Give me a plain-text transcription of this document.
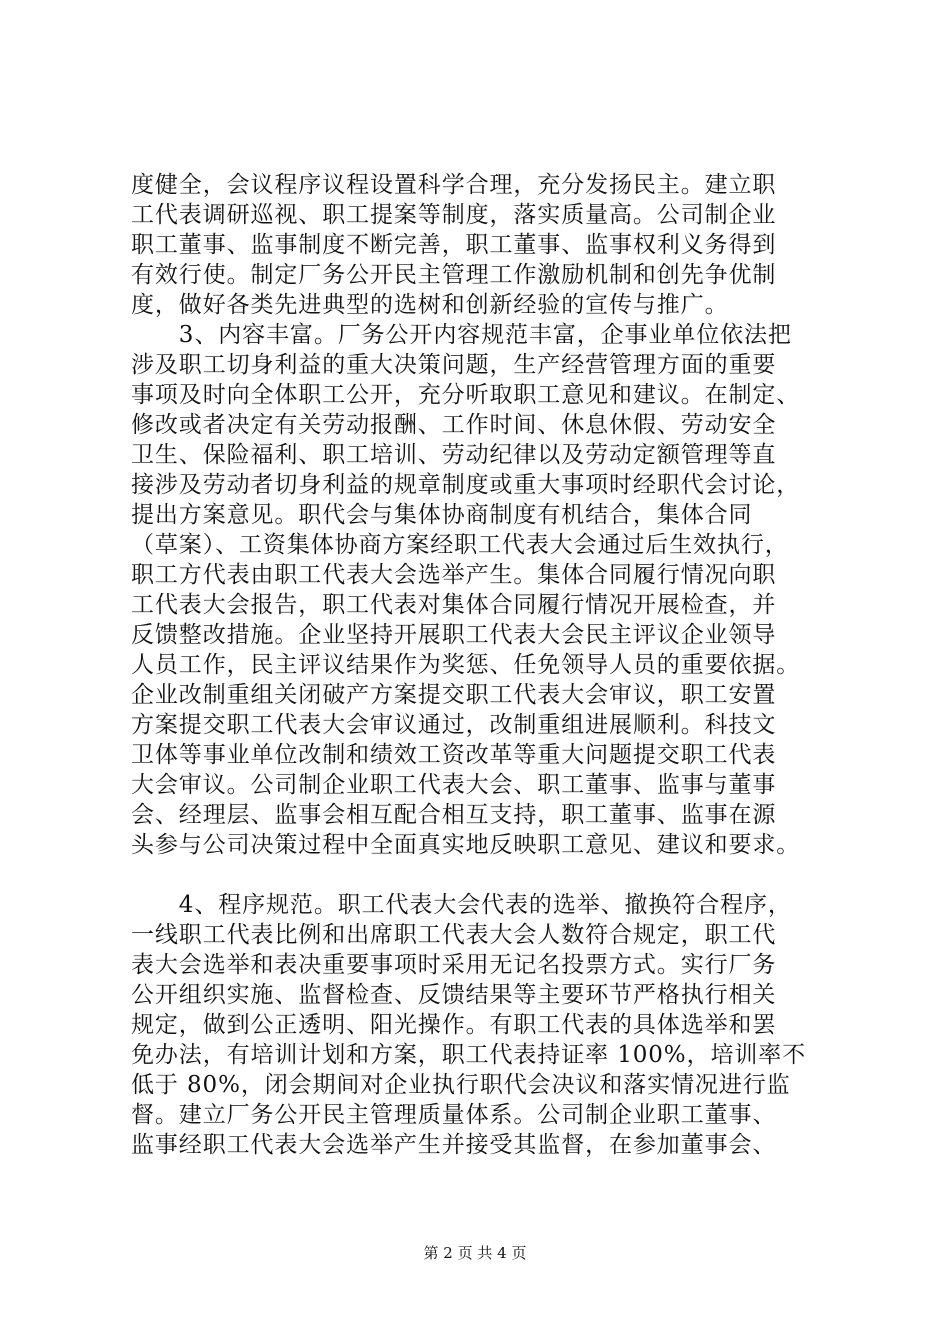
度健全，会议程序议程设置科学合理，充分发扬民主。建立职
工代表调研巡视、职工提案等制度，落实质量高。公司制企业
职工董事、监事制度不断完善，职工董事、监事权利义务得到
有效行使。制定厂务公开民主管理工作激励机制和创先争优制
度，做好各类先进典型的选树和创新经验的宣传与推广。
　　3、内容丰富。厂务公开内容规范丰富，企事业单位依法把
涉及职工切身利益的重大决策问题，生产经营管理方面的重要
事项及时向全体职工公开，充分听取职工意见和建议。在制定、
修改或者决定有关劳动报酬、工作时间、休息休假、劳动安全
卫生、保险福利、职工培训、劳动纪律以及劳动定额管理等直
接涉及劳动者切身利益的规章制度或重大事项时经职代会讨论，
提出方案意见。职代会与集体协商制度有机结合，集体合同
（草案）、工资集体协商方案经职工代表大会通过后生效执行，
职工方代表由职工代表大会选举产生。集体合同履行情况向职
工代表大会报告，职工代表对集体合同履行情况开展检查，并
反馈整改措施。企业坚持开展职工代表大会民主评议企业领导
人员工作，民主评议结果作为奖惩、任免领导人员的重要依据。
企业改制重组关闭破产方案提交职工代表大会审议，职工安置
方案提交职工代表大会审议通过，改制重组进展顺利。科技文
卫体等事业单位改制和绩效工资改革等重大问题提交职工代表
大会审议。公司制企业职工代表大会、职工董事、监事与董事
会、经理层、监事会相互配合相互支持，职工董事、监事在源
头参与公司决策过程中全面真实地反映职工意见、建议和要求。
　　4、程序规范。职工代表大会代表的选举、撤换符合程序，
一线职工代表比例和出席职工代表大会人数符合规定，职工代
表大会选举和表决重要事项时采用无记名投票方式。实行厂务
公开组织实施、监督检查、反馈结果等主要环节严格执行相关
规定，做到公正透明、阳光操作。有职工代表的具体选举和罢
免办法，有培训计划和方案，职工代表持证率 100%，培训率不
低于 80%，闭会期间对企业执行职代会决议和落实情况进行监
督。建立厂务公开民主管理质量体系。公司制企业职工董事、
监事经职工代表大会选举产生并接受其监督，在参加董事会、
第 2 页 共 4 页
